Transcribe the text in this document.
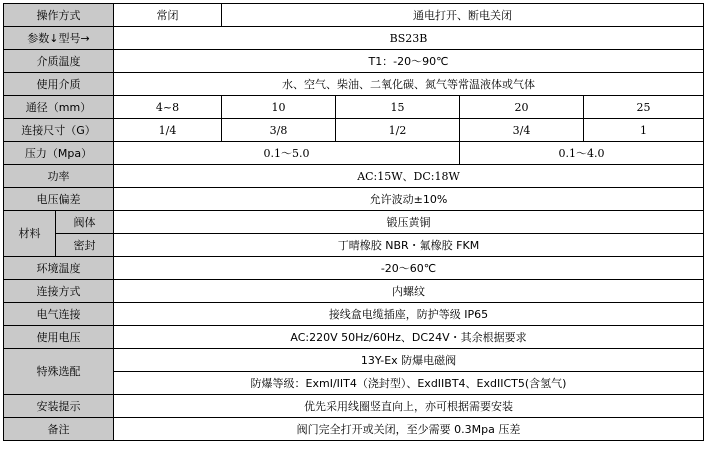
操作方式		常闭	通电打开、断电关闭			
参数↓型号→		BS23B				
介质温度		T1：-20～90℃				
使用介质		水、空气、柴油、二氧化碳、氮气等常温液体或气体				
通径（mm）		4~8	10	15	20	25
连接尺寸（G）		1/4	3/8	1/2	3/4	1
压力（Mpa）		0.1～5.0			0.1～4.0	
功率		AC:15W、DC:18W				
电压偏差		允许波动±10%				
材料	阀体	锻压黄铜				
	密封	丁晴橡胶 NBR・氟橡胶 FKM				
环境温度		-20～60℃				
连接方式		内螺纹				
电气连接		接线盒电缆插座，防护等级 IP65				
使用电压		AC:220V 50Hz/60Hz、DC24V・其余根据要求				
特殊选配		13Y-Ex 防爆电磁阀				
		防爆等级：ExmI/IIT4（浇封型）、ExdIIBT4、ExdIICT5(含氢气)				
安装提示		优先采用线圈竖直向上，亦可根据需要安装				
备注		阀门完全打开或关闭，至少需要 0.3Mpa 压差				
